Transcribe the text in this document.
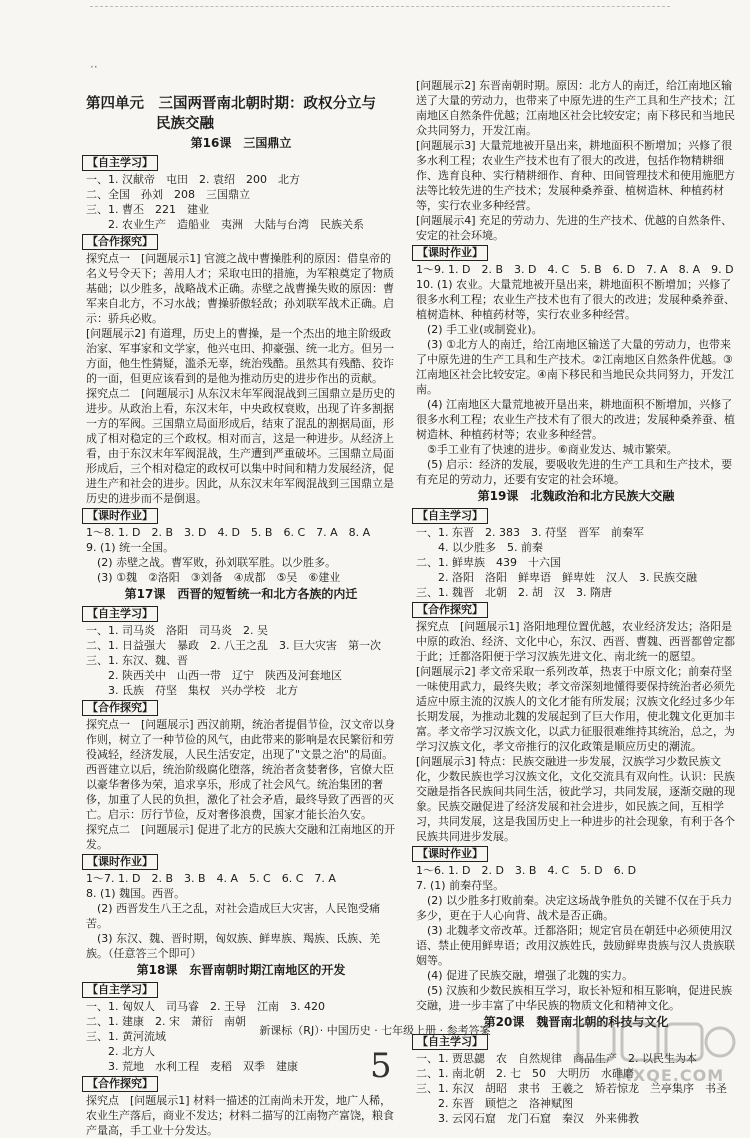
··
第四单元　三国两晋南北朝时期：政权分立与
民族交融
第16课　三国鼎立
【自主学习】

一、1. 汉献帝　屯田　2. 袁绍　200　北方

二、全国　孙刘　208　三国鼎立

三、1. 曹丕　221　建业

　　2. 农业生产　造船业　夷洲　大陆与台湾　民族关系

【合作探究】

探究点一　[问题展示1] 官渡之战中曹操胜利的原因：借皇帝的名义号令天下；善用人才；采取屯田的措施，为军粮奠定了物质基础；以少胜多，战略战术正确。赤壁之战曹操失败的原因：曹军来自北方，不习水战；曹操骄傲轻敌；孙刘联军战术正确。启示：骄兵必败。

[问题展示2] 有道理，历史上的曹操，是一个杰出的地主阶级政治家、军事家和文学家，他兴屯田、抑豪强、统一北方。但另一方面，他生性猜疑，滥杀无辜，统治残酷。虽然其有残酷、狡诈的一面，但更应该看到的是他为推动历史的进步作出的贡献。

探究点二　[问题展示] 从东汉末年军阀混战到三国鼎立是历史的进步。从政治上看，东汉末年，中央政权衰败，出现了许多割据一方的军阀。三国鼎立局面形成后，结束了混乱的割据局面，形成了相对稳定的三个政权。相对而言，这是一种进步。从经济上看，由于东汉末年军阀混战，生产遭到严重破坏。三国鼎立局面形成后，三个相对稳定的政权可以集中时间和精力发展经济，促进生产和社会的进步。因此，从东汉末年军阀混战到三国鼎立是历史的进步而不是倒退。

【课时作业】

1～8. 1. D　2. B　3. D　4. D　5. B　6. C　7. A　8. A

9. (1) 统一全国。

　(2) 赤壁之战。曹军败，孙刘联军胜。以少胜多。

　(3) ①魏　②洛阳　③刘备　④成都　⑤吴　⑥建业

第17课　西晋的短暂统一和北方各族的内迁
【自主学习】

一、1. 司马炎　洛阳　司马炎　2. 吴

二、1. 日益强大　暴政　2. 八王之乱　3. 巨大灾害　第一次

三、1. 东汉、魏、晋

　　2. 陕西关中　山西一带　辽宁　陕西及河套地区

　　3. 氐族　苻坚　集权　兴办学校　北方

【合作探究】

探究点一　[问题展示] 西汉前期，统治者提倡节俭，汉文帝以身作则，树立了一种节俭的风气，由此带来的影响是农民繁衍和劳役减轻，经济发展，人民生活安定，出现了"文景之治"的局面。西晋建立以后，统治阶级腐化堕落，统治者贪婪奢侈，官僚大臣以豪华奢侈为荣，追求享乐，形成了社会风气。统治集团的奢侈，加重了人民的负担，激化了社会矛盾，最终导致了西晋的灭亡。启示：厉行节俭，反对奢侈浪费，国家才能长治久安。

探究点二　[问题展示] 促进了北方的民族大交融和江南地区的开发。

【课时作业】

1～7. 1. D　2. B　3. B　4. A　5. C　6. C　7. A

8. (1) 魏国。西晋。

　(2) 西晋发生八王之乱，对社会造成巨大灾害，人民饱受痛苦。

　(3) 东汉、魏、晋时期，匈奴族、鲜卑族、羯族、氐族、羌族。（任意答三个即可）

第18课　东晋南朝时期江南地区的开发
【自主学习】

一、1. 匈奴人　司马睿　2. 王导　江南　3. 420

二、1. 建康　2. 宋　萧衍　南朝

三、1. 黄河流域

　　2. 北方人

　　3. 荒地　水利工程　麦稻　双季　建康

【合作探究】

探究点　[问题展示1] 材料一描述的江南尚未开发，地广人稀，农业生产落后，商业不发达；材料二描写的江南物产富饶，粮食产量高，手工业十分发达。

[问题展示2] 东晋南朝时期。原因：北方人的南迁，给江南地区输送了大量的劳动力，也带来了中原先进的生产工具和生产技术；江南地区自然条件优越；江南地区社会比较安定；南下移民和当地民众共同努力，开发江南。

[问题展示3] 大量荒地被开垦出来，耕地面积不断增加；兴修了很多水利工程；农业生产技术也有了很大的改进，包括作物精耕细作、选育良种、实行精耕细作、育种、田间管理技术和使用施肥方法等比较先进的生产技术；发展种桑养蚕、植树造林、种植药材等，实行农业多种经营。

[问题展示4] 充足的劳动力、先进的生产技术、优越的自然条件、安定的社会环境。

【课时作业】

1～9. 1. D　2. B　3. D　4. C　5. B　6. D　7. A　8. A　9. D

10. (1) 农业。大量荒地被开垦出来，耕地面积不断增加；兴修了很多水利工程；农业生产技术也有了很大的改进；发展种桑养蚕、植树造林、种植药材等，实行农业多种经营。

　(2) 手工业(或制瓷业)。

　(3) ①北方人的南迁，给江南地区输送了大量的劳动力，也带来了中原先进的生产工具和生产技术。②江南地区自然条件优越。③江南地区社会比较安定。④南下移民和当地民众共同努力，开发江南。

　(4) 江南地区大量荒地被开垦出来，耕地面积不断增加，兴修了很多水利工程；农业生产技术有了很大的改进；发展种桑养蚕、植树造林、种植药材等；农业多种经营。

　⑤手工业有了快速的进步。⑥商业发达、城市繁荣。

　(5) 启示：经济的发展，要吸收先进的生产工具和生产技术，要有充足的劳动力，还要有安定的社会环境。

第19课　北魏政治和北方民族大交融
【自主学习】

一、1. 东晋　2. 383　3. 苻坚　晋军　前秦军

　　4. 以少胜多　5. 前秦

二、1. 鲜卑族　439　十六国

　　2. 洛阳　洛阳　鲜卑语　鲜卑姓　汉人　3. 民族交融

三、1. 魏晋　北朝　2. 胡　汉　3. 隋唐

【合作探究】

探究点　[问题展示1] 洛阳地理位置优越，农业经济发达；洛阳是中原的政治、经济、文化中心，东汉、西晋、曹魏、西晋都曾定都于此；迁都洛阳便于学习汉族先进文化、南北统一的愿望。

[问题展示2] 孝文帝采取一系列改革，热衷于中原文化；前秦苻坚一味使用武力，最终失败；孝文帝深刻地懂得要保持统治者必须先适应中原主流的汉族人的文化才能有所发展；汉族文化经过多少年长期发展，为推动北魏的发展起到了巨大作用，使北魏文化更加丰富。孝文帝学习汉族文化，以武力征服很难维持其统治，总之，为学习汉族文化，孝文帝推行的汉化政策是顺应历史的潮流。

[问题展示3] 特点：民族交融进一步发展，汉族学习少数民族文化，少数民族也学习汉族文化，文化交流具有双向性。认识：民族交融是指各民族间共同生活，彼此学习，共同发展，逐渐交融的现象。民族交融促进了经济发展和社会进步，如民族之间，互相学习，共同发展，这是我国历史上一种进步的社会现象，有利于各个民族共同进步发展。

【课时作业】

1～6. 1. D　2. D　3. B　4. C　5. D　6. D

7. (1) 前秦苻坚。

　(2) 以少胜多打败前秦。决定这场战争胜负的关键不仅在于兵力多少，更在于人心向背、战术是否正确。

　(3) 北魏孝文帝改革。迁都洛阳；规定官员在朝廷中必须使用汉语、禁止使用鲜卑语；改用汉族姓氏，鼓励鲜卑贵族与汉人贵族联姻等。

　(4) 促进了民族交融，增强了北魏的实力。

　(5) 汉族和少数民族相互学习，取长补短和相互影响，促进民族交融，进一步丰富了中华民族的物质文化和精神文化。

第20课　魏晋南北朝的科技与文化
【自主学习】

一、1. 贾思勰　农　自然规律　商品生产　2. 以民生为本

二、1. 南北朝　2. 七　50　大明历　水碓磨

三、1. 东汉　胡昭　隶书　王羲之　矫若惊龙　兰亭集序　书圣

　　2. 东晋　顾恺之　洛神赋图

　　3. 云冈石窟　龙门石窟　秦汉　外来佛教

新课标（RJ）· 中国历史 · 七年级上册 · 参考答案
5	MXQE.COM
